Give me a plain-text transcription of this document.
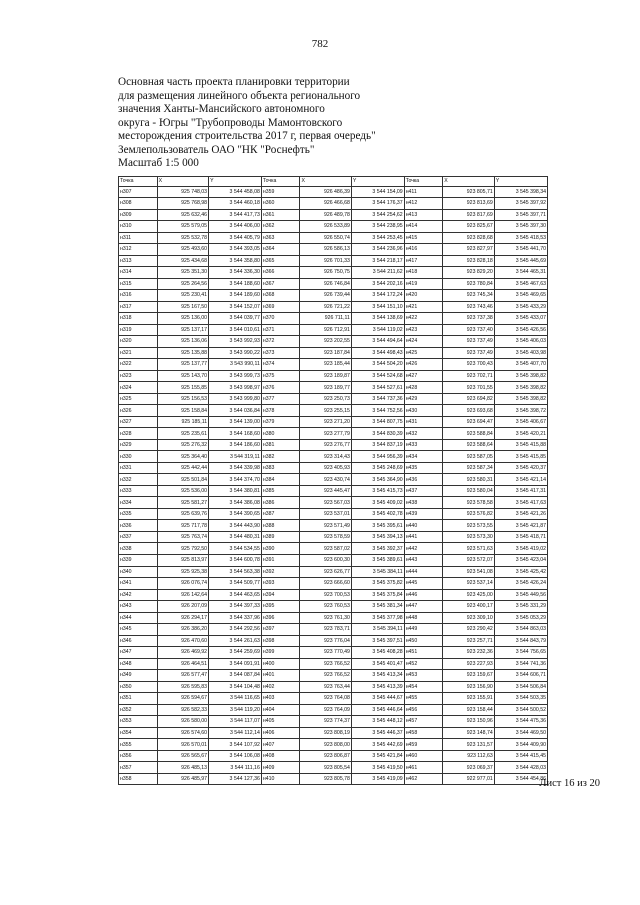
782
Основная часть проекта планировки территории
для размещения линейного объекта регионального
значения Ханты-Мансийского автономного
округа - Югры "Трубопроводы Мамонтовского
месторождения строительства 2017 г, первая очередь"
Землепользователь ОАО "НК "Роснефть"
Масштаб 1:5 000
Точка	X	Y	Точка	X	Y	Точка	X	Y
н307	925 748,03	3 544 458,08	н359	926 486,39	3 544 154,09	н411	923 805,71	3 545 398,34
н308	925 768,98	3 544 460,18	н360	926 466,68	3 544 176,37	н412	923 813,69	3 545 397,92
н309	925 632,46	3 544 417,73	н361	926 489,78	3 544 254,62	н413	923 817,69	3 545 397,71
н310	925 579,05	3 544 406,00	н362	926 533,89	3 544 238,95	н414	923 825,67	3 545 397,30
н311	925 532,78	3 544 405,79	н363	926 550,74	3 544 253,45	н415	923 828,68	3 545 418,53
н312	925 493,60	3 544 393,05	н364	926 586,13	3 544 236,96	н416	923 827,97	3 545 441,70
н313	925 434,68	3 544 358,80	н365	926 701,33	3 544 218,17	н417	923 828,18	3 545 445,69
н314	925 351,30	3 544 336,30	н366	926 750,75	3 544 211,62	н418	923 829,20	3 544 465,31
н315	925 264,56	3 544 188,60	н367	926 746,84	3 544 202,16	н419	923 780,84	3 545 467,63
н316	925 230,41	3 544 189,60	н368	926 739,44	3 544 172,24	н420	923 745,34	3 545 469,65
н317	925 167,50	3 544 152,07	н369	926 721,22	3 544 151,10	н421	923 743,46	3 545 433,29
н318	925 136,00	3 544 039,77	н370	926 711,11	3 544 138,69	н422	923 737,38	3 545 433,07
н319	925 137,17	3 544 010,61	н371	926 712,91	3 544 119,02	н423	923 737,40	3 545 426,56
н320	925 136,06	3 543 992,93	н372	923 202,55	3 544 494,64	н424	923 737,49	3 545 406,03
н321	925 135,88	3 543 990,22	н373	923 187,84	3 544 498,43	н425	923 737,49	3 545 403,98
н322	925 137,77	3 543 990,11	н374	923 185,44	3 544 504,20	н426	923 700,43	3 545 407,70
н323	925 143,70	3 543 999,73	н375	923 189,87	3 544 524,68	н427	923 702,71	3 545 398,82
н324	925 155,85	3 543 998,97	н376	923 189,77	3 544 527,61	н428	923 701,55	3 545 398,82
н325	925 156,53	3 543 999,80	н377	923 250,73	3 544 737,36	н429	923 694,82	3 545 398,82
н326	925 158,84	3 544 036,84	н378	923 255,15	3 544 752,56	н430	923 693,68	3 545 398,72
н327	925 185,11	3 544 139,00	н379	923 271,20	3 544 807,75	н431	923 694,47	3 545 406,67
н328	925 235,61	3 544 168,60	н380	923 277,79	3 544 830,39	н432	923 588,84	3 545 420,21
н329	925 276,32	3 544 186,60	н381	923 276,77	3 544 837,19	н433	923 588,64	3 545 415,88
н330	925 364,40	3 544 319,11	н382	923 314,43	3 544 956,39	н434	923 587,05	3 545 415,85
н331	925 442,44	3 544 339,98	н383	923 405,93	3 545 248,69	н435	923 587,34	3 545 420,37
н332	925 501,84	3 544 374,70	н384	923 430,74	3 545 364,90	н436	923 580,31	3 545 421,14
н333	925 536,00	3 544 380,81	н385	923 445,47	3 545 415,73	н437	923 580,04	3 545 417,31
н334	925 581,27	3 544 386,08	н386	923 567,03	3 545 409,02	н438	923 578,58	3 545 417,63
н335	925 639,76	3 544 390,65	н387	923 537,01	3 545 402,78	н439	923 576,82	3 545 421,26
н336	925 717,78	3 544 443,90	н388	923 571,49	3 545 395,61	н440	923 573,55	3 545 421,87
н337	925 763,74	3 544 480,31	н389	923 578,59	3 545 394,13	н441	923 573,30	3 545 418,71
н338	925 792,50	3 544 534,55	н390	923 587,02	3 545 392,37	н442	923 571,63	3 545 419,02
н339	925 813,97	3 544 600,78	н391	923 600,30	3 545 389,61	н443	923 572,07	3 545 423,04
н340	925 925,38	3 544 563,38	н392	923 626,77	3 545 384,11	н444	923 541,08	3 545 425,42
н341	926 076,74	3 544 509,77	н393	923 666,60	3 545 375,82	н445	923 537,14	3 545 426,24
н342	926 142,64	3 544 463,65	н394	923 700,53	3 545 375,84	н446	923 425,00	3 545 449,56
н343	926 207,09	3 544 397,33	н395	923 760,53	3 545 381,34	н447	923 400,17	3 545 331,29
н344	926 294,17	3 544 337,96	н396	923 761,30	3 545 377,98	н448	923 309,10	3 545 053,29
н345	926 386,20	3 544 292,56	н397	923 783,71	3 545 394,11	н449	923 290,42	3 544 863,03
н346	926 470,60	3 544 261,63	н398	923 776,04	3 545 397,51	н450	923 257,71	3 544 843,79
н347	926 469,92	3 544 259,69	н399	923 770,49	3 545 408,28	н451	923 232,36	3 544 756,65
н348	926 464,51	3 544 091,91	н400	923 766,52	3 545 401,47	н452	923 227,93	3 544 741,36
н349	926 577,47	3 544 087,84	н401	923 766,52	3 545 413,34	н453	923 159,67	3 544 606,71
н350	926 595,83	3 544 104,48	н402	923 763,44	3 545 413,39	н454	923 156,90	3 544 506,84
н351	926 594,67	3 544 116,65	н403	923 764,08	3 545 444,67	н455	923 155,91	3 544 503,35
н352	926 582,33	3 544 119,20	н404	923 764,09	3 545 446,64	н456	923 158,44	3 544 500,52
н353	926 580,00	3 544 117,07	н405	923 774,37	3 545 448,12	н457	923 150,96	3 544 475,36
н354	926 574,60	3 544 112,14	н406	923 808,19	3 545 446,37	н458	923 148,74	3 544 469,50
н355	926 570,01	3 544 107,92	н407	923 808,00	3 545 442,69	н459	923 131,57	3 544 409,90
н356	926 565,67	3 544 106,08	н408	923 806,87	3 545 421,84	н460	923 112,63	3 544 415,45
н357	926 485,13	3 544 111,16	н409	923 805,54	3 545 419,50	н461	923 069,37	3 544 428,03
н358	926 485,97	3 544 127,36	н410	923 805,78	3 545 419,09	н462	922 977,01	3 544 454,86
Лист 16 из 20
